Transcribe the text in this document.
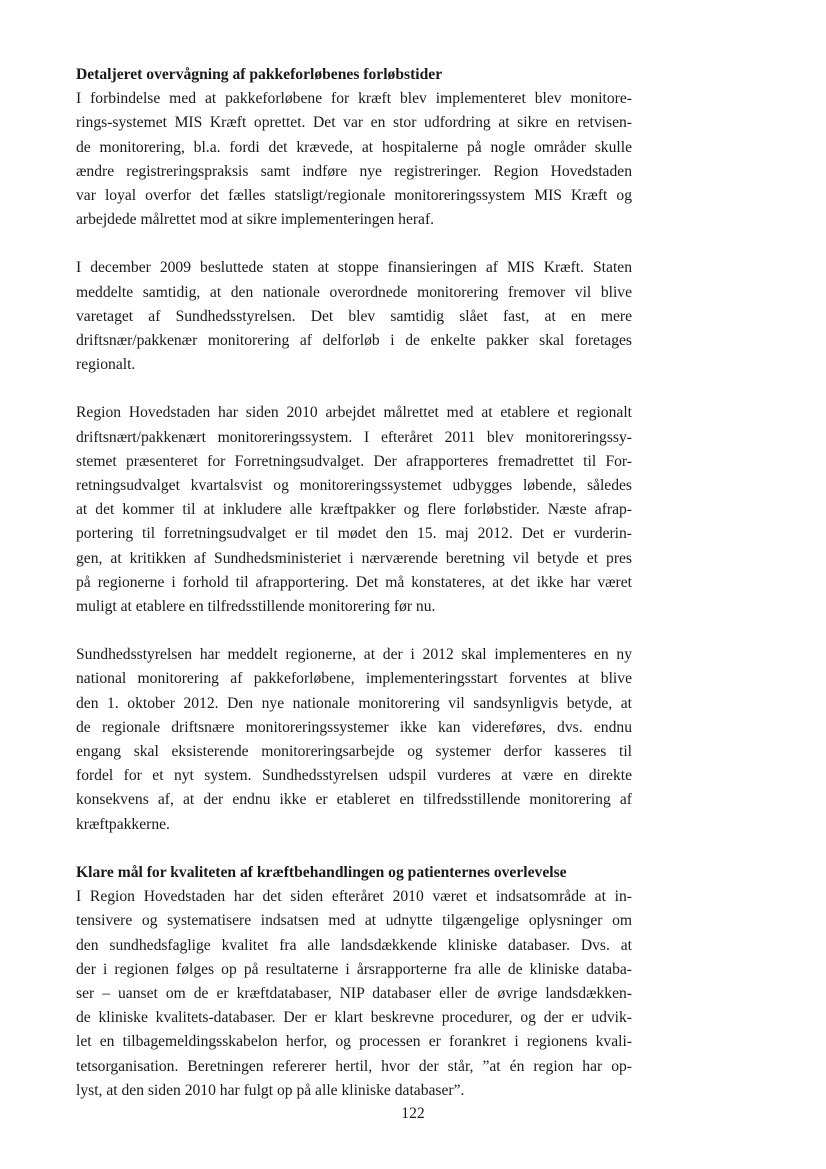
Detaljeret overvågning af pakkeforløbenes forløbstider
I forbindelse med at pakkeforløbene for kræft blev implementeret blev monitore-
rings-systemet MIS Kræft oprettet. Det var en stor udfordring at sikre en retvisen-
de monitorering, bl.a. fordi det krævede, at hospitalerne på nogle områder skulle
ændre registreringspraksis samt indføre nye registreringer. Region Hovedstaden
var loyal overfor det fælles statsligt/regionale monitoreringssystem MIS Kræft og
arbejdede målrettet mod at sikre implementeringen heraf.
I december 2009 besluttede staten at stoppe finansieringen af MIS Kræft. Staten
meddelte samtidig, at den nationale overordnede monitorering fremover vil blive
varetaget af Sundhedsstyrelsen. Det blev samtidig slået fast, at en mere
driftsnær/pakkenær monitorering af delforløb i de enkelte pakker skal foretages
regionalt.
Region Hovedstaden har siden 2010 arbejdet målrettet med at etablere et regionalt
driftsnært/pakkenært monitoreringssystem. I efteråret 2011 blev monitoreringssy-
stemet præsenteret for Forretningsudvalget. Der afrapporteres fremadrettet til For-
retningsudvalget kvartalsvist og monitoreringssystemet udbygges løbende, således
at det kommer til at inkludere alle kræftpakker og flere forløbstider. Næste afrap-
portering til forretningsudvalget er til mødet den 15. maj 2012. Det er vurderin-
gen, at kritikken af Sundhedsministeriet i nærværende beretning vil betyde et pres
på regionerne i forhold til afrapportering. Det må konstateres, at det ikke har været
muligt at etablere en tilfredsstillende monitorering før nu.
Sundhedsstyrelsen har meddelt regionerne, at der i 2012 skal implementeres en ny
national monitorering af pakkeforløbene, implementeringsstart forventes at blive
den 1. oktober 2012. Den nye nationale monitorering vil sandsynligvis betyde, at
de regionale driftsnære monitoreringssystemer ikke kan videreføres, dvs. endnu
engang skal eksisterende monitoreringsarbejde og systemer derfor kasseres til
fordel for et nyt system. Sundhedsstyrelsen udspil vurderes at være en direkte
konsekvens af, at der endnu ikke er etableret en tilfredsstillende monitorering af
kræftpakkerne.
Klare mål for kvaliteten af kræftbehandlingen og patienternes overlevelse
I Region Hovedstaden har det siden efteråret 2010 været et indsatsområde at in-
tensivere og systematisere indsatsen med at udnytte tilgængelige oplysninger om
den sundhedsfaglige kvalitet fra alle landsdækkende kliniske databaser. Dvs. at
der i regionen følges op på resultaterne i årsrapporterne fra alle de kliniske databa-
ser – uanset om de er kræftdatabaser, NIP databaser eller de øvrige landsdækken-
de kliniske kvalitets-databaser. Der er klart beskrevne procedurer, og der er udvik-
let en tilbagemeldingsskabelon herfor, og processen er forankret i regionens kvali-
tetsorganisation. Beretningen refererer hertil, hvor der står, ”at én region har op-
lyst, at den siden 2010 har fulgt op på alle kliniske databaser”.
122
